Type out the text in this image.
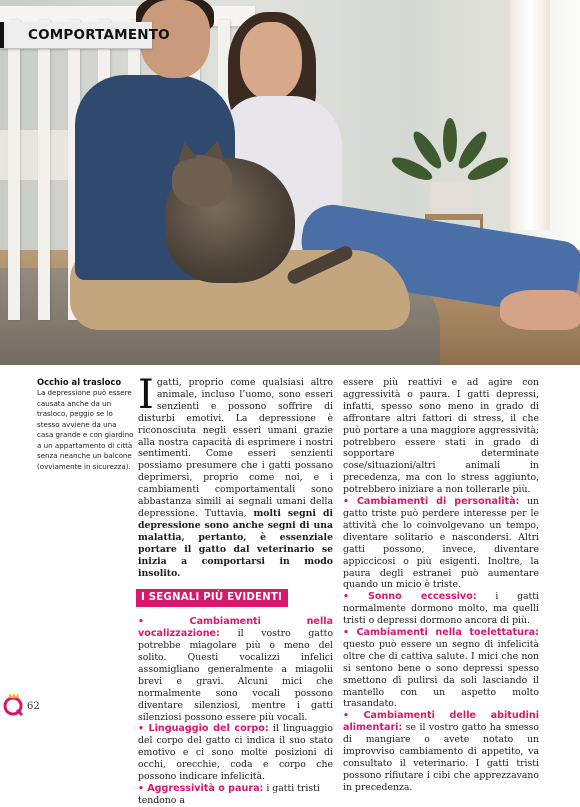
COMPORTAMENTO
Occhio al trasloco

La depressione può essere causata anche da un trasloco, peggio se lo stesso avviene da una casa grande e con giardino a un appartamento di città senza neanche un balcone (ovviamente in sicurezza).

Igatti, proprio come qualsiasi altro animale, incluso l’uomo, sono esseri senzienti e possono soffrire di disturbi emotivi. La depressione è riconosciuta negli esseri umani grazie alla nostra capacità di esprimere i nostri sentimenti. Come esseri senzienti possiamo presumere che i gatti possano deprimersi, proprio come noi, e i cambiamenti comportamentali sono abbastanza simili ai segnali umani della depressione. Tuttavia, molti segni di depressione sono anche segni di una malattia, pertanto, è essenziale portare il gatto dal veterinario se inizia a comportarsi in modo insolito.

I SEGNALI PIÙ EVIDENTI

• Cambiamenti nella vocalizzazione: il vostro gatto potrebbe miagolare più o meno del solito. Questi vocalizzi infelici assomigliano generalmente a miagolii brevi e gravi. Alcuni mici che normalmente sono vocali possono diventare silenziosi, mentre i gatti silenziosi possono essere più vocali.

• Linguaggio del corpo: il linguaggio del corpo del gatto ci indica il suo stato emotivo e ci sono molte posizioni di occhi, orecchie, coda e corpo che possono indicare infelicità.

• Aggressività o paura: i gatti tristi tendono a

essere più reattivi e ad agire con aggressività o paura. I gatti depressi, infatti, spesso sono meno in grado di affrontare altri fattori di stress, il che può portare a una maggiore aggressività; potrebbero essere stati in grado di sopportare determinate cose/situazioni/altri animali in precedenza, ma con lo stress aggiunto, potrebbero iniziare a non tollerarle più.

• Cambiamenti di personalità: un gatto triste può perdere interesse per le attività che lo coinvolgevano un tempo, diventare solitario e nascondersi. Altri gatti possono, invece, diventare appiccicosi o più esigenti. Inoltre, la paura degli estranei può aumentare quando un micio è triste.

• Sonno eccessivo: i gatti normalmente dormono molto, ma quelli tristi o depressi dormono ancora di più.

• Cambiamenti nella toelettatura: questo può essere un segno di infelicità oltre che di cattiva salute. I mici che non si sentono bene o sono depressi spesso smettono di pulirsi da soli lasciando il mantello con un aspetto molto trasandato.

• Cambiamenti delle abitudini alimentari: se il vostro gatto ha smesso di mangiare o avete notato un improvviso cambiamento di appetito, va consultato il veterinario. I gatti tristi possono rifiutare i cibi che apprezzavano in precedenza.

62
